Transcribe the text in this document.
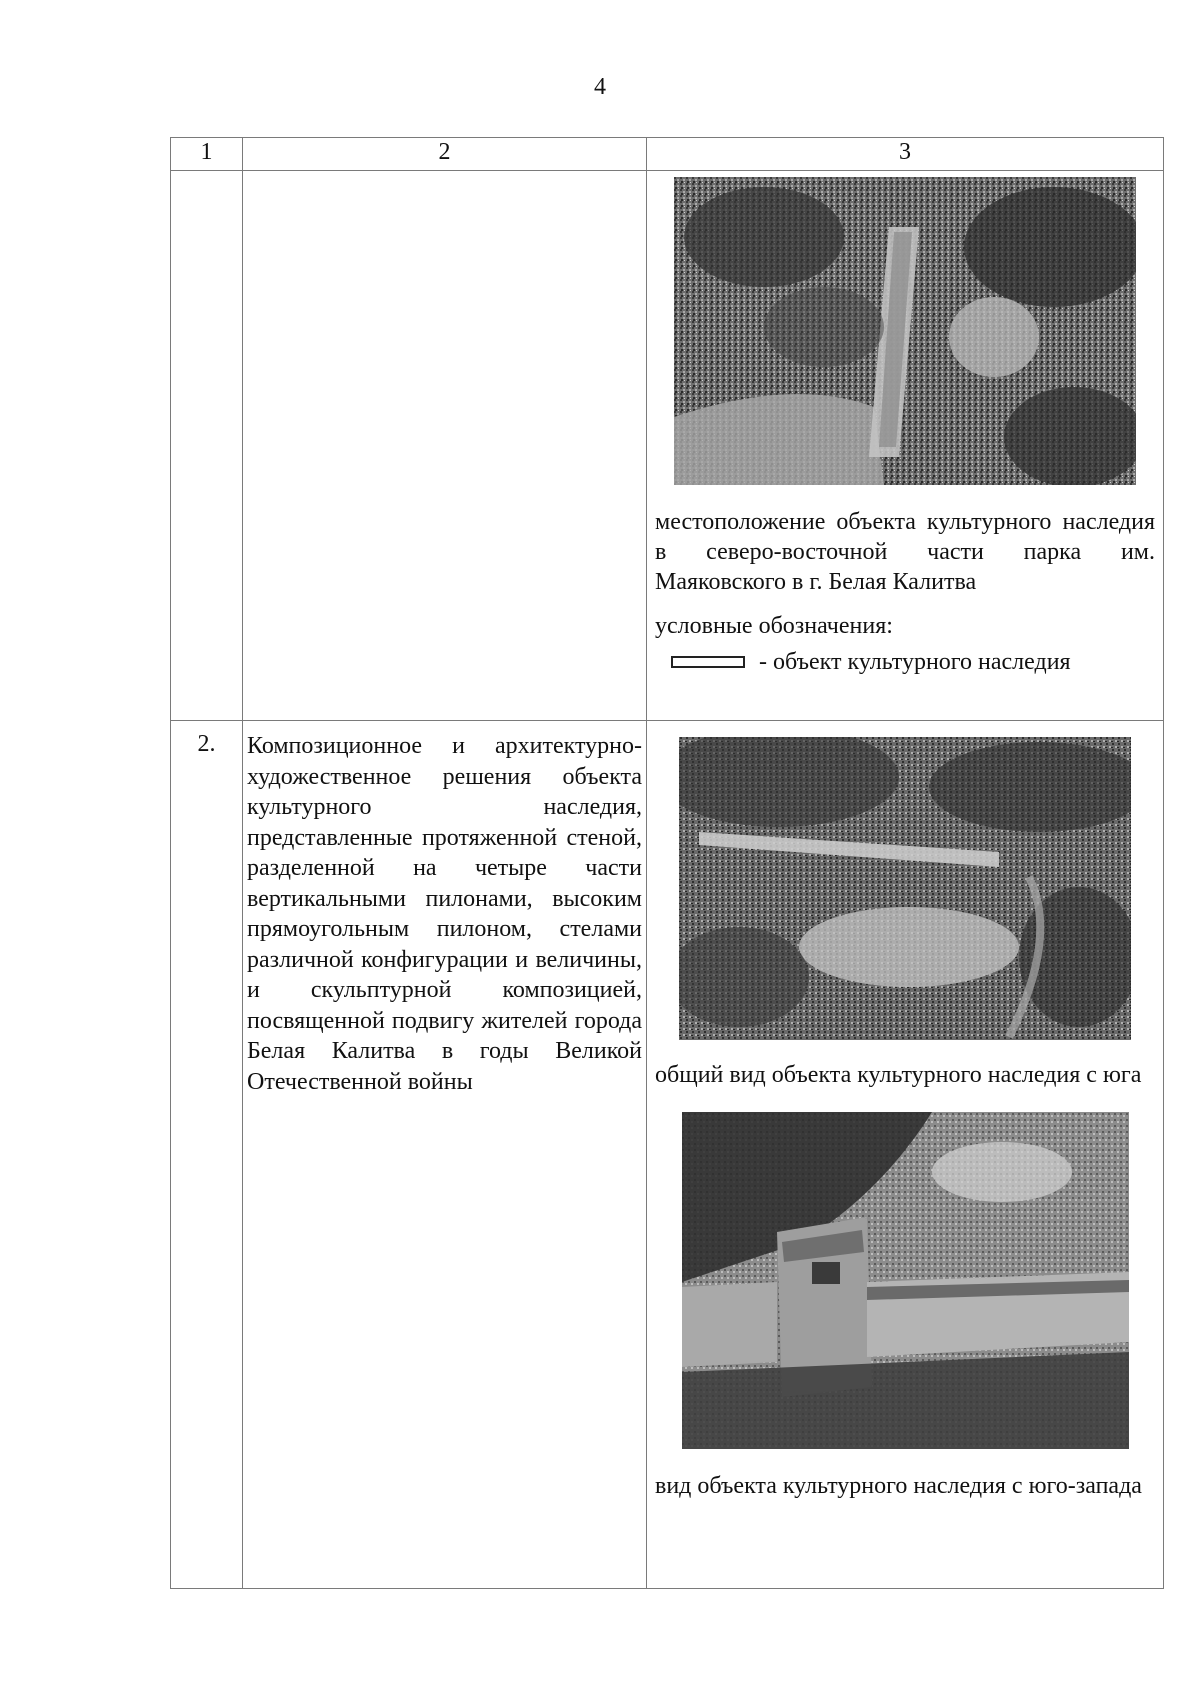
4
1	2	3

		местоположение объекта культурного наследия в северо-восточной части парка им. Маяковского в г. Белая Калитва

условные обозначения:
- объект культурного наследия

2.	Композиционное и архитектурно-художественное решения объекта культурного наследия, представленные протяженной стеной, разделенной на четыре части вертикальными пилонами, высоким прямоугольным пилоном, стелами различной конфигурации и величины, и скульптурной композицией, посвященной подвигу жителей города Белая Калитва в годы Великой Отечественной войны	общий вид объекта культурного наследия с юга

вид объекта культурного наследия с юго-запада
